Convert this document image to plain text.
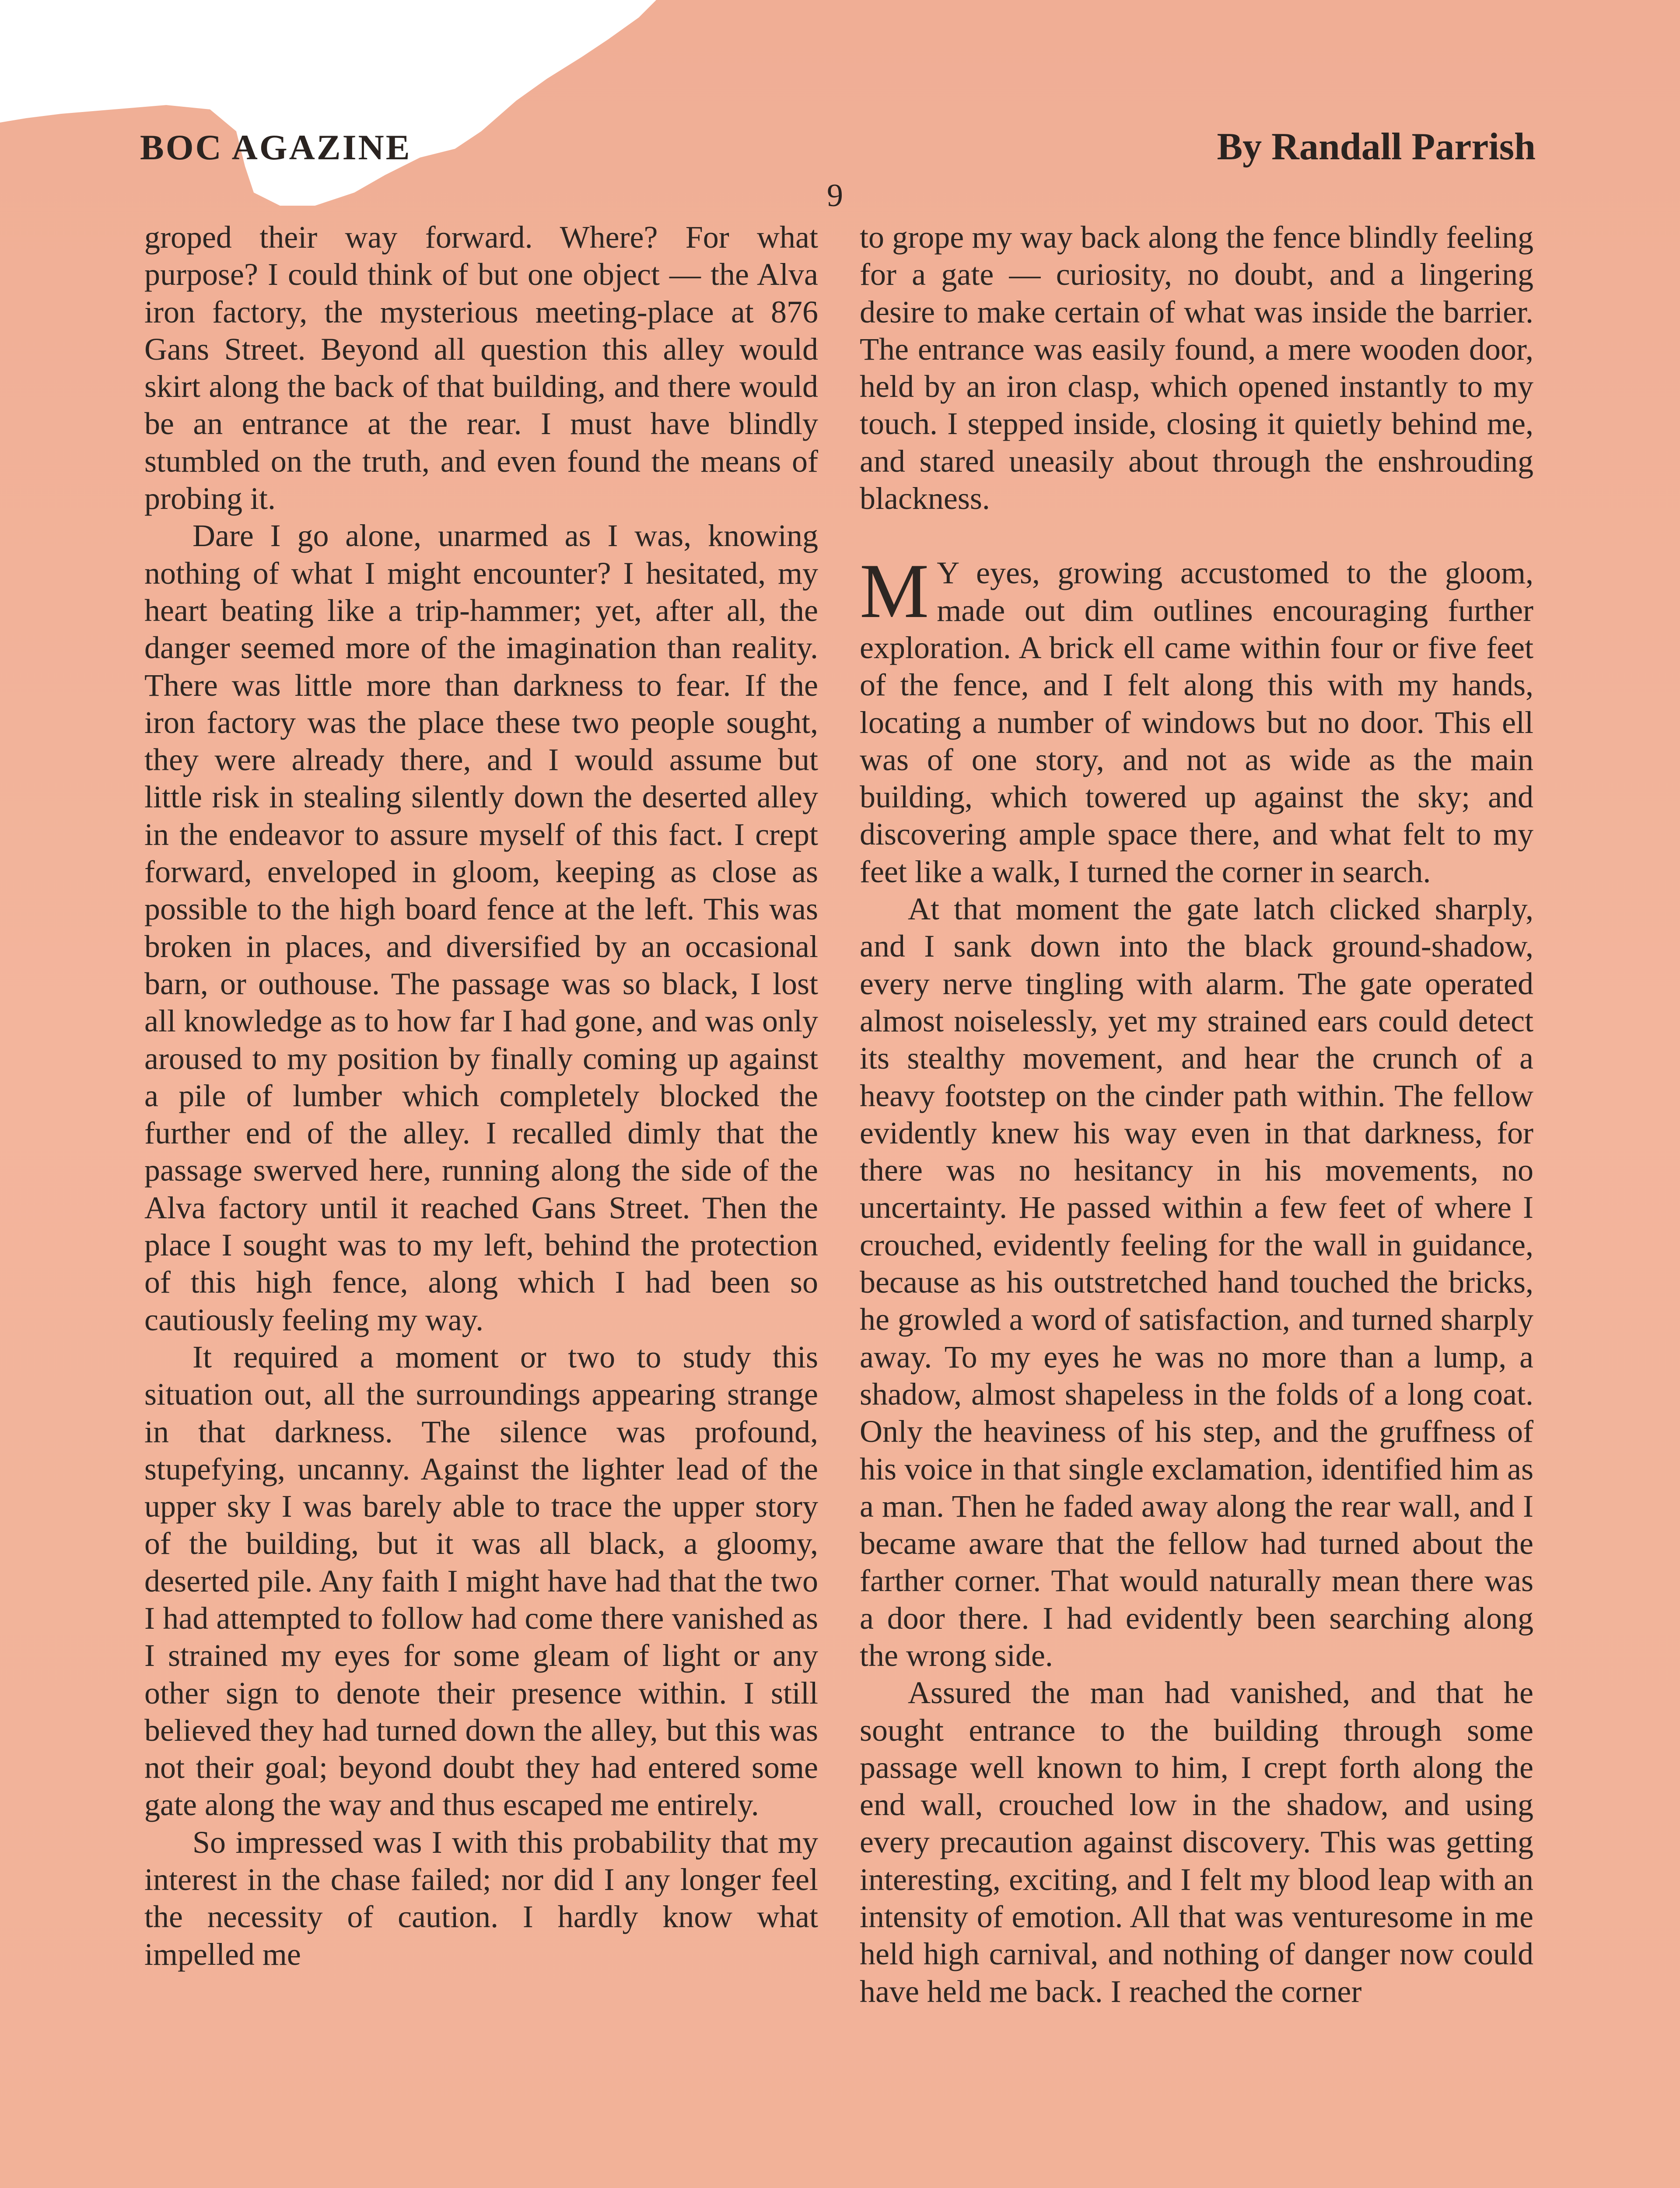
BOC AGAZINE	By Randall Parrish
9

groped their way forward. Where? For what purpose? I could think of but one object — the Alva iron factory, the mysterious meeting-place at 876 Gans Street. Beyond all question this alley would skirt along the back of that building, and there would be an entrance at the rear. I must have blindly stumbled on the truth, and even found the means of probing it.

Dare I go alone, unarmed as I was, knowing nothing of what I might encounter? I hesitated, my heart beating like a trip-hammer; yet, after all, the danger seemed more of the imagination than reality. There was little more than darkness to fear. If the iron factory was the place these two people sought, they were already there, and I would assume but little risk in stealing silently down the deserted alley in the endeavor to assure myself of this fact. I crept forward, enveloped in gloom, keeping as close as possible to the high board fence at the left. This was broken in places, and diversified by an occasional barn, or outhouse. The passage was so black, I lost all knowledge as to how far I had gone, and was only aroused to my position by finally coming up against a pile of lumber which completely blocked the further end of the alley. I recalled dimly that the passage swerved here, running along the side of the Alva factory until it reached Gans Street. Then the place I sought was to my left, behind the protection of this high fence, along which I had been so cautiously feeling my way.

It required a moment or two to study this situation out, all the surroundings appearing strange in that darkness. The silence was profound, stupefying, uncanny. Against the lighter lead of the upper sky I was barely able to trace the upper story of the building, but it was all black, a gloomy, deserted pile. Any faith I might have had that the two I had attempted to follow had come there vanished as I strained my eyes for some gleam of light or any other sign to denote their presence within. I still believed they had turned down the alley, but this was not their goal; beyond doubt they had entered some gate along the way and thus escaped me entirely.

So impressed was I with this probability that my interest in the chase failed; nor did I any longer feel the necessity of caution. I hardly know what impelled me

to grope my way back along the fence blindly feeling for a gate — curiosity, no doubt, and a lingering desire to make certain of what was inside the barrier. The entrance was easily found, a mere wooden door, held by an iron clasp, which opened instantly to my touch. I stepped inside, closing it quietly behind me, and stared uneasily about through the enshrouding blackness.

M Y eyes, growing accustomed to the gloom, made out dim outlines encouraging further exploration. A brick ell came within four or five feet of the fence, and I felt along this with my hands, locating a number of windows but no door. This ell was of one story, and not as wide as the main building, which towered up against the sky; and discovering ample space there, and what felt to my feet like a walk, I turned the corner in search.

At that moment the gate latch clicked sharply, and I sank down into the black ground-shadow, every nerve tingling with alarm. The gate operated almost noiselessly, yet my strained ears could detect its stealthy movement, and hear the crunch of a heavy footstep on the cinder path within. The fellow evidently knew his way even in that darkness, for there was no hesitancy in his movements, no uncertainty. He passed within a few feet of where I crouched, evidently feeling for the wall in guidance, because as his outstretched hand touched the bricks, he growled a word of satisfaction, and turned sharply away. To my eyes he was no more than a lump, a shadow, almost shapeless in the folds of a long coat. Only the heaviness of his step, and the gruffness of his voice in that single exclamation, identified him as a man. Then he faded away along the rear wall, and I became aware that the fellow had turned about the farther corner. That would naturally mean there was a door there. I had evidently been searching along the wrong side.

Assured the man had vanished, and that he sought entrance to the building through some passage well known to him, I crept forth along the end wall, crouched low in the shadow, and using every precaution against discovery. This was getting interesting, exciting, and I felt my blood leap with an intensity of emotion. All that was venturesome in me held high carnival, and nothing of danger now could have held me back. I reached the corner
